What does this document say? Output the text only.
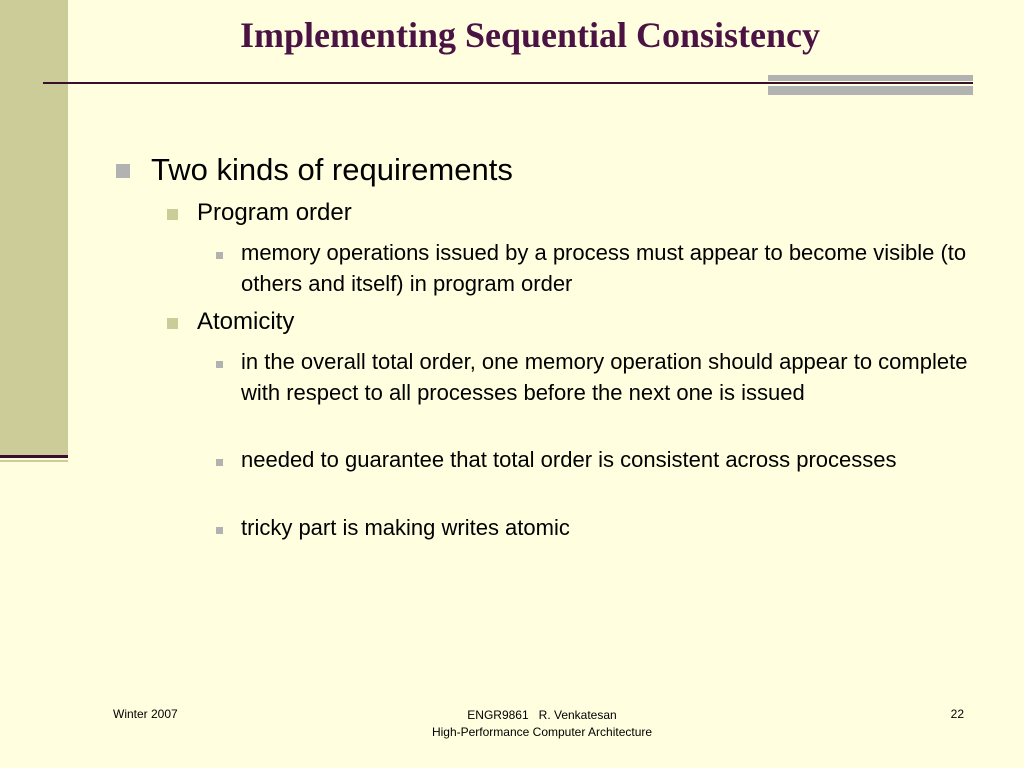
Implementing Sequential Consistency
Two kinds of requirements
Program order
memory operations issued by a process must appear to become visible (to others and itself) in program order
Atomicity
in the overall total order, one memory operation should appear to complete with respect to all processes before the next one is issued
needed to guarantee that total order is consistent across processes
tricky part is making writes atomic
Winter 2007	ENGR9861   R. Venkatesan
High-Performance Computer Architecture
22
